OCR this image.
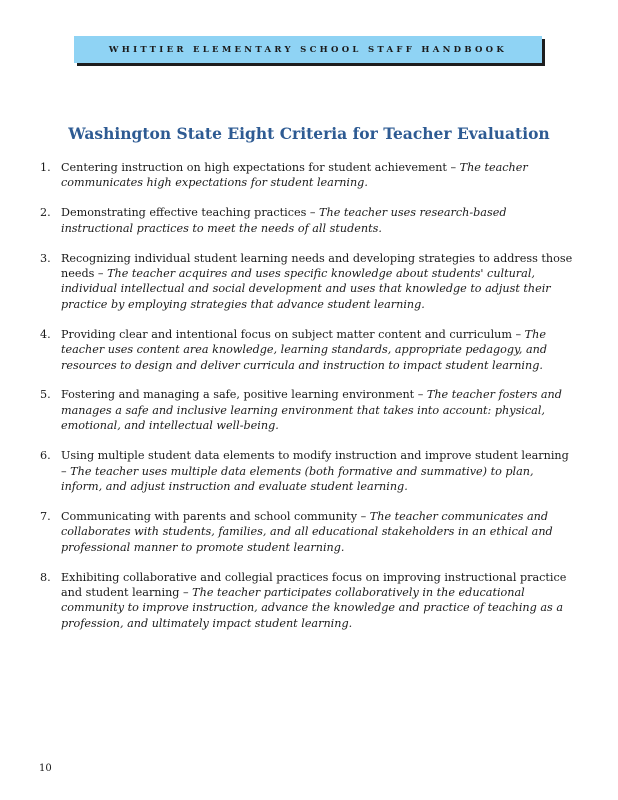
WHITTIER ELEMENTARY SCHOOL STAFF HANDBOOK
Washington State Eight Criteria for Teacher Evaluation
1. Centering instruction on high expectations for student achievement – The teacher communicates high expectations for student learning.
2. Demonstrating effective teaching practices – The teacher uses research-based instructional practices to meet the needs of all students.
3. Recognizing individual student learning needs and developing strategies to address those needs – The teacher acquires and uses specific knowledge about students' cultural, individual intellectual and social development and uses that knowledge to adjust their practice by employing strategies that advance student learning.
4. Providing clear and intentional focus on subject matter content and curriculum – The teacher uses content area knowledge, learning standards, appropriate pedagogy, and resources to design and deliver curricula and instruction to impact student learning.
5. Fostering and managing a safe, positive learning environment – The teacher fosters and manages a safe and inclusive learning environment that takes into account: physical, emotional, and intellectual well-being.
6. Using multiple student data elements to modify instruction and improve student learning – The teacher uses multiple data elements (both formative and summative) to plan, inform, and adjust instruction and evaluate student learning.
7. Communicating with parents and school community – The teacher communicates and collaborates with students, families, and all educational stakeholders in an ethical and professional manner to promote student learning.
8. Exhibiting collaborative and collegial practices focus on improving instructional practice and student learning – The teacher participates collaboratively in the educational community to improve instruction, advance the knowledge and practice of teaching as a profession, and ultimately impact student learning.
10
